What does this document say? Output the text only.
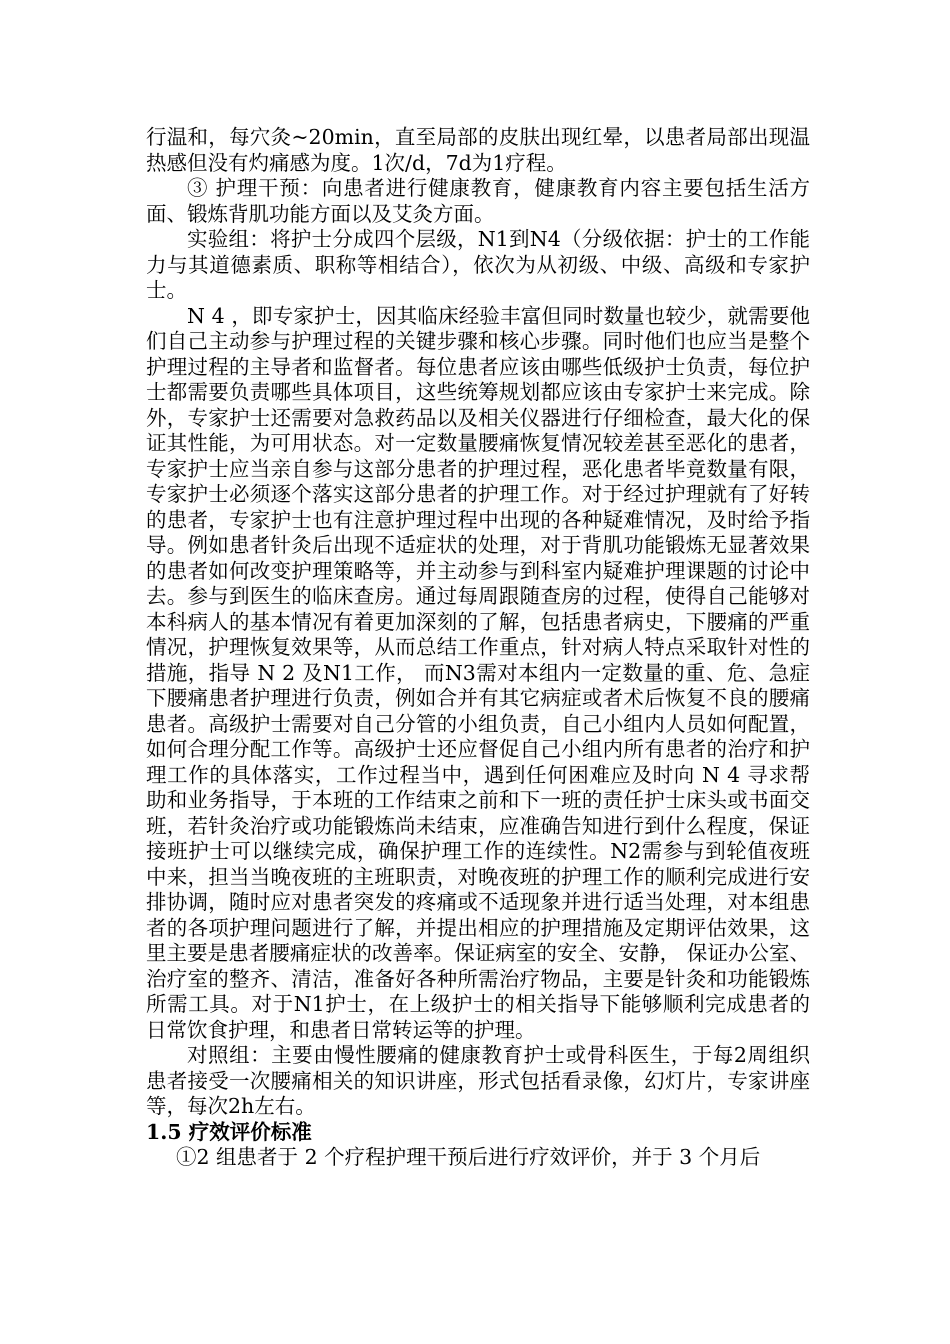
行温和，每穴灸~20min，直至局部的皮肤出现红晕，以患者局部出现温热感但没有灼痛感为度。1次/d，7d为1疗程。

③ 护理干预：向患者进行健康教育，健康教育内容主要包括生活方面、锻炼背肌功能方面以及艾灸方面。

实验组：将护士分成四个层级，N1到N4（分级依据：护士的工作能力与其道德素质、职称等相结合），依次为从初级、中级、高级和专家护士。

N 4 ，即专家护士，因其临床经验丰富但同时数量也较少，就需要他们自己主动参与护理过程的关键步骤和核心步骤。同时他们也应当是整个护理过程的主导者和监督者。每位患者应该由哪些低级护士负责，每位护士都需要负责哪些具体项目，这些统筹规划都应该由专家护士来完成。除外，专家护士还需要对急救药品以及相关仪器进行仔细检查，最大化的保证其性能，为可用状态。对一定数量腰痛恢复情况较差甚至恶化的患者，专家护士应当亲自参与这部分患者的护理过程，恶化患者毕竟数量有限，专家护士必须逐个落实这部分患者的护理工作。对于经过护理就有了好转的患者，专家护士也有注意护理过程中出现的各种疑难情况，及时给予指导。例如患者针灸后出现不适症状的处理，对于背肌功能锻炼无显著效果的患者如何改变护理策略等，并主动参与到科室内疑难护理课题的讨论中去。参与到医生的临床查房。通过每周跟随查房的过程，使得自己能够对本科病人的基本情况有着更加深刻的了解，包括患者病史，下腰痛的严重情况，护理恢复效果等，从而总结工作重点，针对病人特点采取针对性的措施，指导 N 2 及N1工作， 而N3需对本组内一定数量的重、危、急症下腰痛患者护理进行负责，例如合并有其它病症或者术后恢复不良的腰痛患者。高级护士需要对自己分管的小组负责，自己小组内人员如何配置，如何合理分配工作等。高级护士还应督促自己小组内所有患者的治疗和护理工作的具体落实，工作过程当中，遇到任何困难应及时向 N 4 寻求帮助和业务指导，于本班的工作结束之前和下一班的责任护士床头或书面交班，若针灸治疗或功能锻炼尚未结束，应准确告知进行到什么程度，保证接班护士可以继续完成，确保护理工作的连续性。N2需参与到轮值夜班中来，担当当晚夜班的主班职责，对晚夜班的护理工作的顺利完成进行安排协调，随时应对患者突发的疼痛或不适现象并进行适当处理，对本组患者的各项护理问题进行了解，并提出相应的护理措施及定期评估效果，这里主要是患者腰痛症状的改善率。保证病室的安全、安静， 保证办公室、治疗室的整齐、清洁，准备好各种所需治疗物品，主要是针灸和功能锻炼所需工具。对于N1护士，在上级护士的相关指导下能够顺利完成患者的日常饮食护理，和患者日常转运等的护理。

对照组：主要由慢性腰痛的健康教育护士或骨科医生，于每2周组织患者接受一次腰痛相关的知识讲座，形式包括看录像，幻灯片，专家讲座等，每次2h左右。

1.5 疗效评价标准

①2 组患者于 2 个疗程护理干预后进行疗效评价，并于 3 个月后
